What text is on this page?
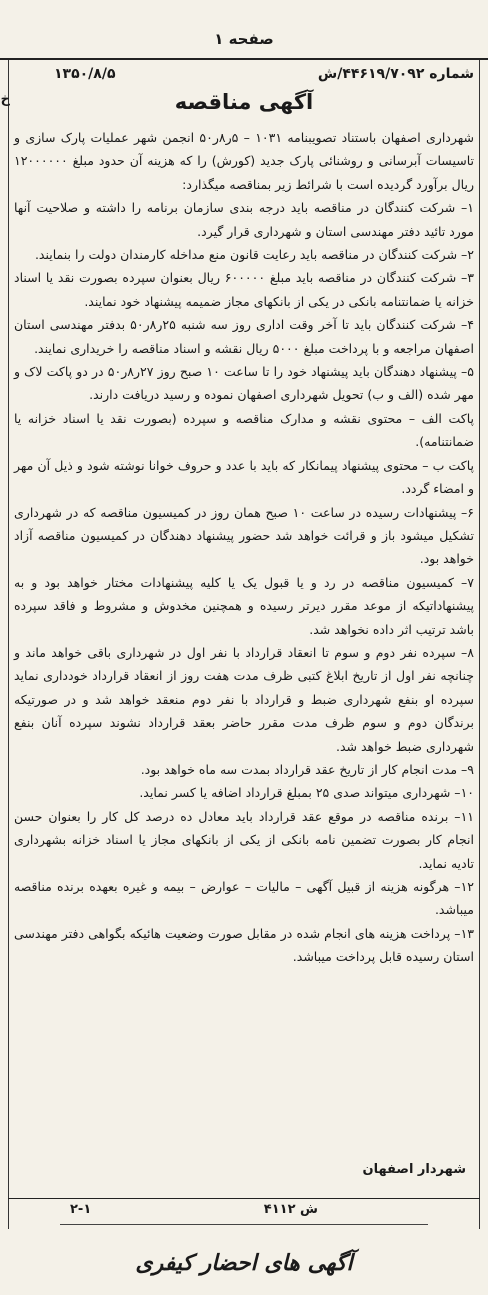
صفحه ۱
خ
شماره ۴۴۶۱۹/۷۰۹۲/ش
۱۳۵۰/۸/۵
آگهی مناقصه

شهرداری اصفهان باستناد تصویبنامه ۱۰۳۱ – ۵ر۸ر۵۰ انجمن شهر عملیات پارک سازی و تاسیسات آبرسانی و روشنائی پارک جدید (کورش) را که هزینه آن حدود مبلغ ۱۲۰۰۰۰۰۰ ریال برآورد گردیده است با شرائط زیر بمناقصه میگذارد:

۱– شرکت کنندگان در مناقصه باید درجه بندی سازمان برنامه را داشته و صلاحیت آنها مورد تائید دفتر مهندسی استان و شهرداری قرار گیرد.

۲– شرکت کنندگان در مناقصه باید رعایت قانون منع مداخله کارمندان دولت را بنمایند.

۳– شرکت کنندگان در مناقصه باید مبلغ ۶۰۰۰۰۰ ریال بعنوان سپرده بصورت نقد یا اسناد خزانه یا ضمانتنامه بانکی در یکی از بانکهای مجاز ضمیمه پیشنهاد خود نمایند.

۴– شرکت کنندگان باید تا آخر وقت اداری روز سه شنبه ۲۵ر۸ر۵۰ بدفتر مهندسی استان اصفهان مراجعه و با پرداخت مبلغ ۵۰۰۰ ریال نقشه و اسناد مناقصه را خریداری نمایند.

۵– پیشنهاد دهندگان باید پیشنهاد خود را تا ساعت ۱۰ صبح روز ۲۷ر۸ر۵۰ در دو پاکت لاک و مهر شده (الف و ب) تحویل شهرداری اصفهان نموده و رسید دریافت دارند.

پاکت الف – محتوی نقشه و مدارک مناقصه و سپرده (بصورت نقد یا اسناد خزانه یا ضمانتنامه).

پاکت ب – محتوی پیشنهاد پیمانکار که باید با عدد و حروف خوانا نوشته شود و ذیل آن مهر و امضاء گردد.

۶– پیشنهادات رسیده در ساعت ۱۰ صبح همان روز در کمیسیون مناقصه که در شهرداری تشکیل میشود باز و قرائت خواهد شد حضور پیشنهاد دهندگان در کمیسیون مناقصه آزاد خواهد بود.

۷– کمیسیون مناقصه در رد و یا قبول یک یا کلیه پیشنهادات مختار خواهد بود و به پیشنهاداتیکه از موعد مقرر دیرتر رسیده و همچنین مخدوش و مشروط و فاقد سپرده باشد ترتیب اثر داده نخواهد شد.

۸– سپرده نفر دوم و سوم تا انعقاد قرارداد با نفر اول در شهرداری باقی خواهد ماند و چنانچه نفر اول از تاریخ ابلاغ کتبی ظرف مدت هفت روز از انعقاد قرارداد خودداری نماید سپرده او بنفع شهرداری ضبط و قرارداد با نفر دوم منعقد خواهد شد و در صورتیکه برندگان دوم و سوم ظرف مدت مقرر حاضر بعقد قرارداد نشوند سپرده آنان بنفع شهرداری ضبط خواهد شد.

۹– مدت انجام کار از تاریخ عقد قرارداد بمدت سه ماه خواهد بود.

۱۰– شهرداری میتواند صدی ۲۵ بمبلغ قرارداد اضافه یا کسر نماید.

۱۱– برنده مناقصه در موقع عقد قرارداد باید معادل ده درصد کل کار را بعنوان حسن انجام کار بصورت تضمین نامه بانکی از یکی از بانکهای مجاز یا اسناد خزانه بشهرداری تادیه نماید.

۱۲– هرگونه هزینه از قبیل آگهی – مالیات – عوارض – بیمه و غیره بعهده برنده مناقصه میباشد.

۱۳– پرداخت هزینه های انجام شده در مقابل صورت وضعیت هائیکه بگواهی دفتر مهندسی استان رسیده قابل پرداخت میباشد.

شهردار اصفهان
ش ۴۱۱۲
۲-۱
آگهی های احضار کیفری
